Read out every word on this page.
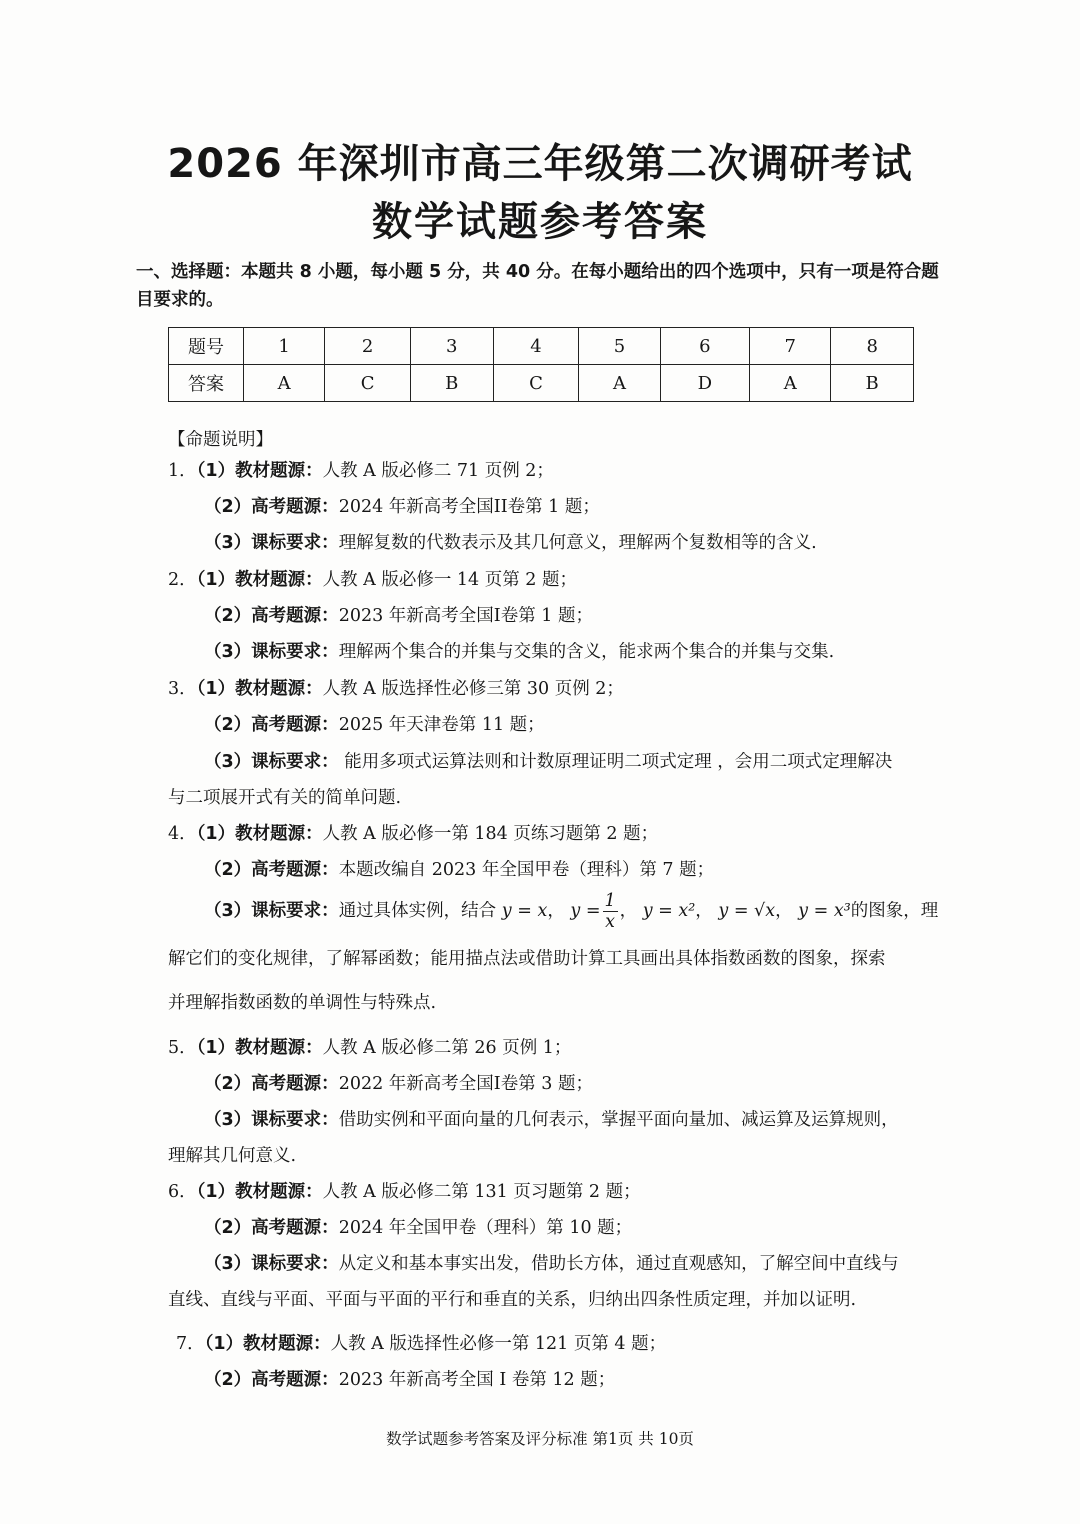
2026 年深圳市高三年级第二次调研考试
数学试题参考答案
一、选择题：本题共 8 小题，每小题 5 分，共 40 分。在每小题给出的四个选项中，只有一项是符合题目要求的。
题号	1	2	3	4	5	6	7	8
答案	A	C	B	C	A	D	A	B
【命题说明】
1．（1）教材题源：人教 A 版必修二 71 页例 2；
（2）高考题源：2024 年新高考全国II卷第 1 题；
（3）课标要求：理解复数的代数表示及其几何意义，理解两个复数相等的含义.
2．（1）教材题源：人教 A 版必修一 14 页第 2 题；
（2）高考题源：2023 年新高考全国I卷第 1 题；
（3）课标要求：理解两个集合的并集与交集的含义，能求两个集合的并集与交集.
3．（1）教材题源：人教 A 版选择性必修三第 30 页例 2；
（2）高考题源：2025 年天津卷第 11 题；
（3）课标要求： 能用多项式运算法则和计数原理证明二项式定理 ，会用二项式定理解决
与二项展开式有关的简单问题.
4．（1）教材题源：人教 A 版必修一第 184 页练习题第 2 题；
（2）高考题源：本题改编自 2023 年全国甲卷（理科）第 7 题；
（3）课标要求：通过具体实例，结合 y = x， $y = \frac{1}{x}$ ， y = x²， y = √x， y = x³的图象，理
解它们的变化规律，了解幂函数；能用描点法或借助计算工具画出具体指数函数的图象，探索
并理解指数函数的单调性与特殊点.
5．（1）教材题源：人教 A 版必修二第 26 页例 1；
（2）高考题源：2022 年新高考全国I卷第 3 题；
（3）课标要求：借助实例和平面向量的几何表示，掌握平面向量加、减运算及运算规则，
理解其几何意义.
6．（1）教材题源：人教 A 版必修二第 131 页习题第 2 题；
（2）高考题源：2024 年全国甲卷（理科）第 10 题；
（3）课标要求：从定义和基本事实出发，借助长方体，通过直观感知，了解空间中直线与
直线、直线与平面、平面与平面的平行和垂直的关系，归纳出四条性质定理，并加以证明.
7．（1）教材题源：人教 A 版选择性必修一第 121 页第 4 题；
（2）高考题源：2023 年新高考全国 I 卷第 12 题；
数学试题参考答案及评分标准 第1页 共 10页
